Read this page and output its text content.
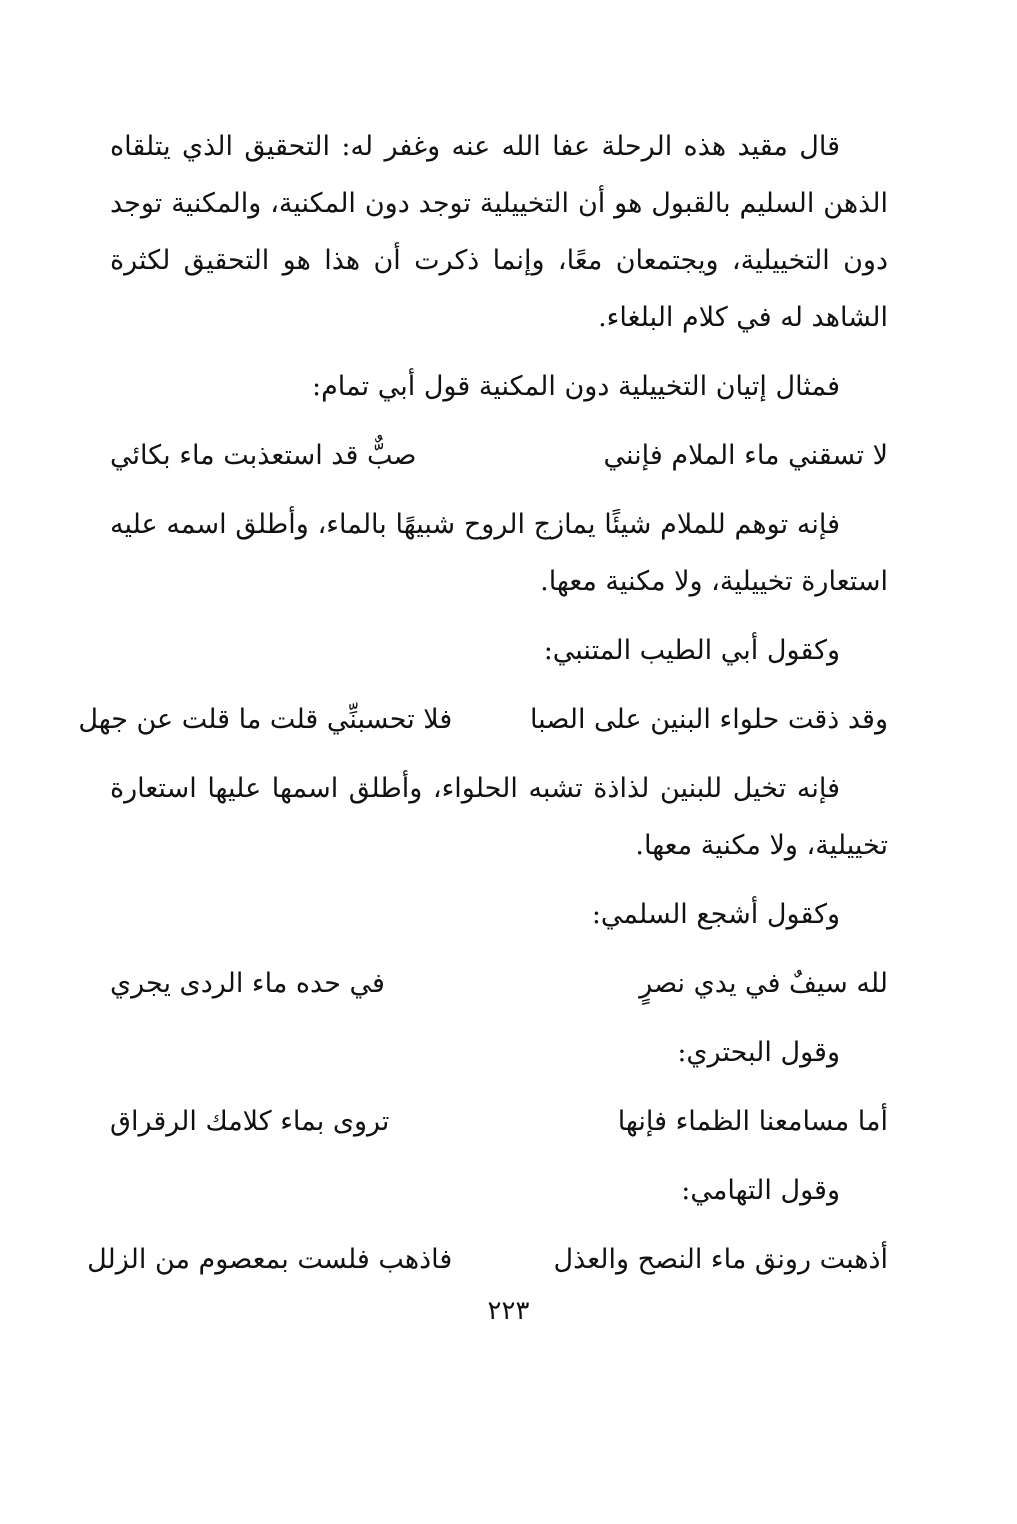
قال مقيد هذه الرحلة عفا الله عنه وغفر له: التحقيق الذي يتلقاه الذهن السليم بالقبول هو أن التخييلية توجد دون المكنية، والمكنية توجد دون التخييلية، ويجتمعان معًا، وإنما ذكرت أن هذا هو التحقيق لكثرة الشاهد له في كلام البلغاء.

فمثال إتيان التخييلية دون المكنية قول أبي تمام:

لا تسقني ماء الملام فإنني
صبٌّ قد استعذبت ماء بكائي

فإنه توهم للملام شيئًا يمازج الروح شبيهًا بالماء، وأطلق اسمه عليه استعارة تخييلية، ولا مكنية معها.

وكقول أبي الطيب المتنبي:

وقد ذقت حلواء البنين على الصبا
فلا تحسبنِّي قلت ما قلت عن جهل

فإنه تخيل للبنين لذاذة تشبه الحلواء، وأطلق اسمها عليها استعارة تخييلية، ولا مكنية معها.

وكقول أشجع السلمي:

لله سيفٌ في يدي نصرٍ
في حده ماء الردى يجري

وقول البحتري:

أما مسامعنا الظماء فإنها
تروى بماء كلامك الرقراق

وقول التهامي:

أذهبت رونق ماء النصح والعذل
فاذهب فلست بمعصوم من الزلل
٢٢٣
